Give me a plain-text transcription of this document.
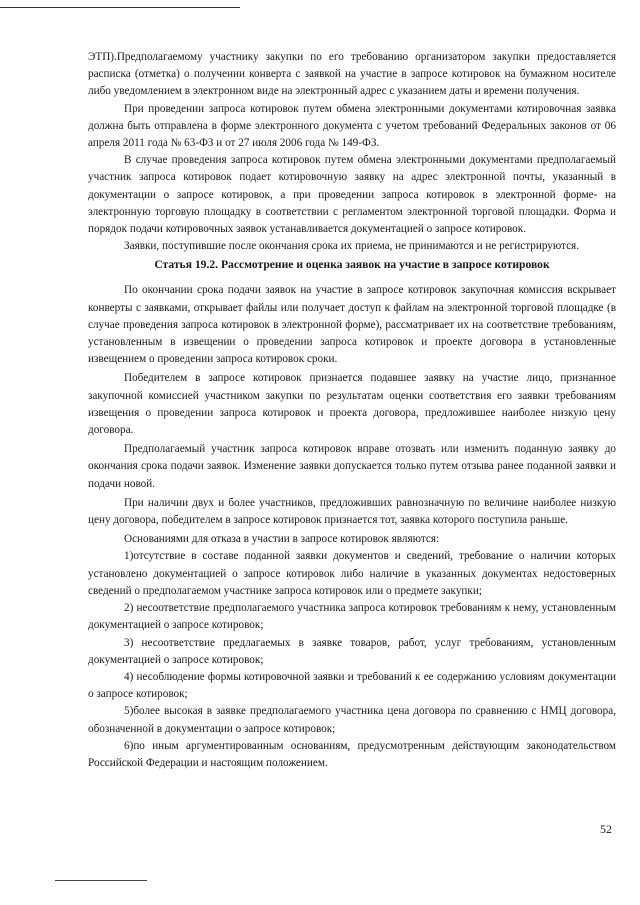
ЭТП).Предполагаемому участнику закупки по его требованию организатором закупки предоставляется расписка (отметка) о получении конверта с заявкой на участие в запросе котировок на бумажном носителе либо уведомлением в электронном виде на электронный адрес с указанием даты и времени получения.

При проведении запроса котировок путем обмена электронными документами котировочная заявка должна быть отправлена в форме электронного документа с учетом требований Федеральных законов от 06 апреля 2011 года № 63-ФЗ и от 27 июля 2006 года № 149-ФЗ.

В случае проведения запроса котировок путем обмена электронными документами предполагаемый участник запроса котировок подает котировочную заявку на адрес электронной почты, указанный в документации о запросе котировок, а при проведении запроса котировок в электронной форме- на электронную торговую площадку в соответствии с регламентом электронной торговой площадки. Форма и порядок подачи котировочных заявок устанавливается документацией о запросе котировок.

Заявки, поступившие после окончания срока их приема, не принимаются и не регистрируются.

Статья 19.2. Рассмотрение и оценка заявок на участие в запросе котировок

По окончании срока подачи заявок на участие в запросе котировок закупочная комиссия вскрывает конверты с заявками, открывает файлы или получает доступ к файлам на электронной торговой площадке (в случае проведения запроса котировок в электронной форме), рассматривает их на соответствие требованиям, установленным в извещении о проведении запроса котировок и проекте договора в установленные извещением о проведении запроса котировок сроки.

Победителем в запросе котировок признается подавшее заявку на участие лицо, признанное закупочной комиссией участником закупки по результатам оценки соответствия его заявки требованиям извещения о проведении запроса котировок и проекта договора, предложившее наиболее низкую цену договора.

Предполагаемый участник запроса котировок вправе отозвать или изменить поданную заявку до окончания срока подачи заявок. Изменение заявки допускается только путем отзыва ранее поданной заявки и подачи новой.

При наличии двух и более участников, предложивших равнозначную по величине наиболее низкую цену договора, победителем в запросе котировок признается тот, заявка которого поступила раньше.

Основаниями для отказа в участии в запросе котировок являются:

1)отсутствие в составе поданной заявки документов и сведений, требование о наличии которых установлено документацией о запросе котировок либо наличие в указанных документах недостоверных сведений о предполагаемом участнике запроса котировок или о предмете закупки;

2) несоответствие предполагаемого участника запроса котировок требованиям к нему, установленным документацией о запросе котировок;

3) несоответствие предлагаемых в заявке товаров, работ, услуг требованиям, установленным документацией о запросе котировок;

4) несоблюдение формы котировочной заявки и требований к ее содержанию условиям документации о запросе котировок;

5)более высокая в заявке предполагаемого участника цена договора по сравнению с НМЦ договора, обозначенной в документации о запросе котировок;

6)по иным аргументированным основаниям, предусмотренным действующим законодательством Российской Федерации и настоящим положением.

52
